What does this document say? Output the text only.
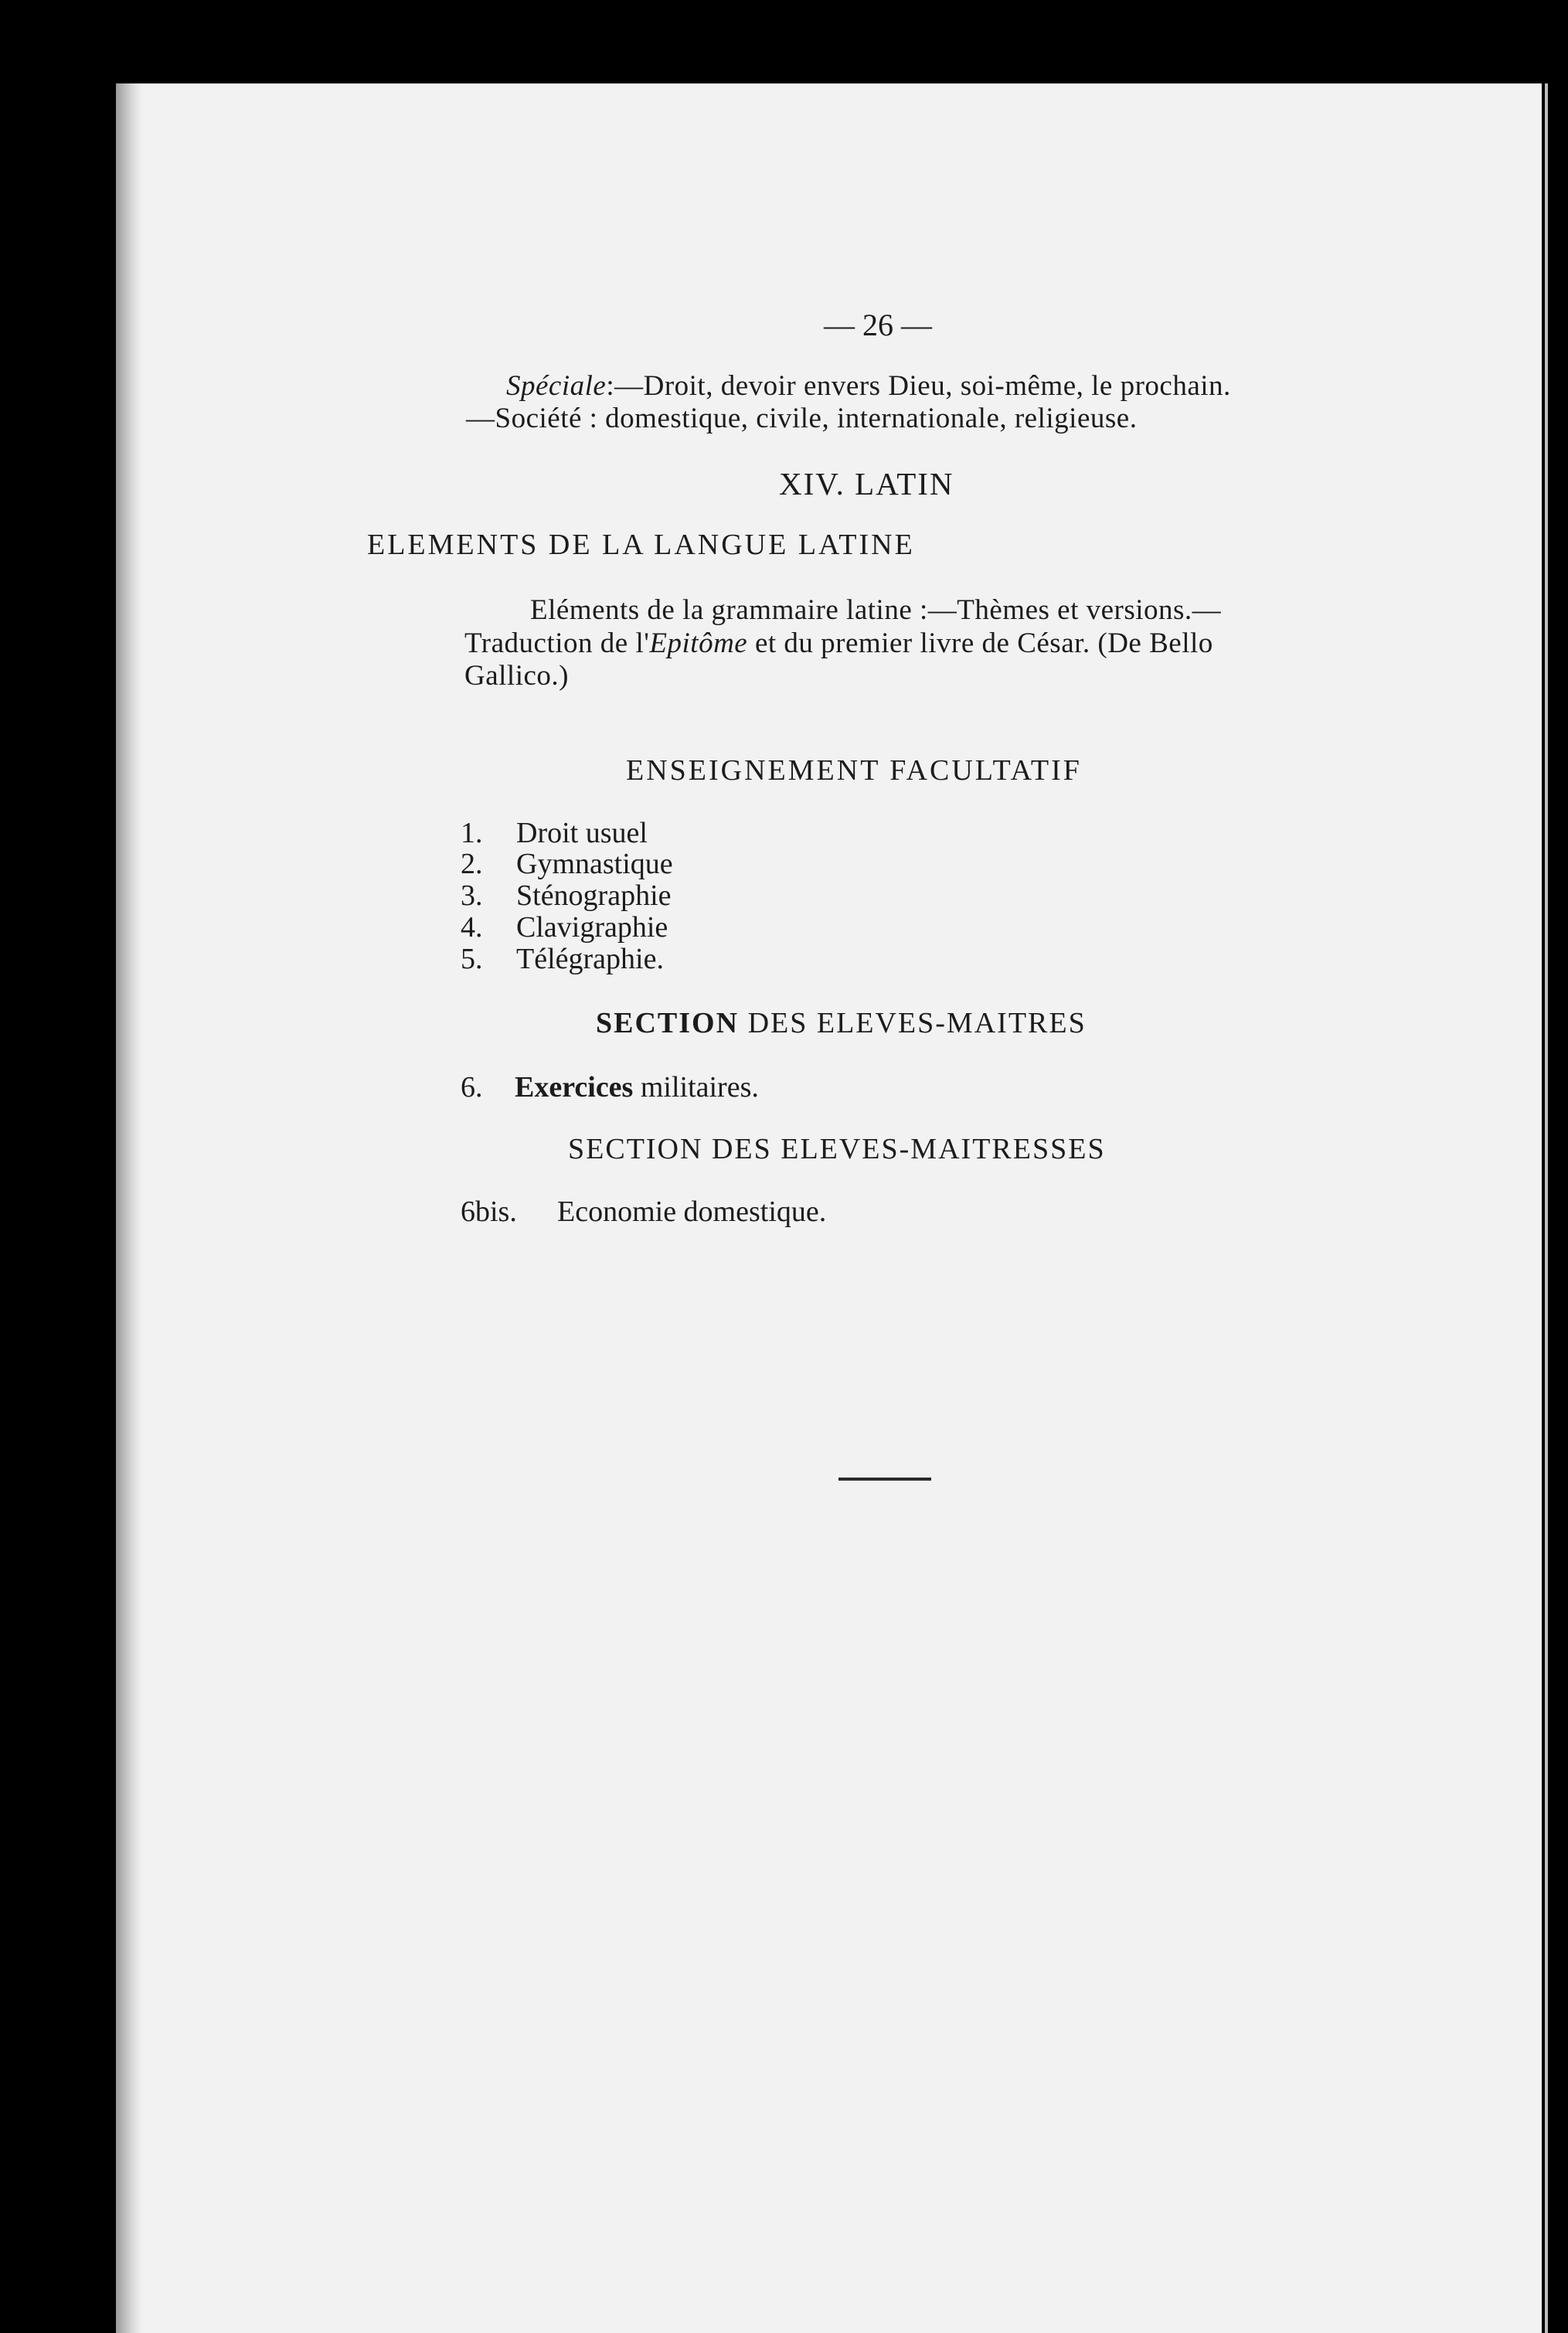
— 26 —
Spéciale:—Droit, devoir envers Dieu, soi-même, le prochain.
—Société : domestique, civile, internationale, religieuse.
XIV. LATIN
ELEMENTS DE LA LANGUE LATINE
Eléments de la grammaire latine :—Thèmes et versions.—
Traduction de l'Epitôme et du premier livre de César. (De Bello
Gallico.)
ENSEIGNEMENT FACULTATIF
1. Droit usuel
2. Gymnastique
3. Sténographie
4. Clavigraphie
5. Télégraphie.
SECTION DES ELEVES-MAITRES
6. Exercices militaires.
SECTION DES ELEVES-MAITRESSES
6bis. Economie domestique.
